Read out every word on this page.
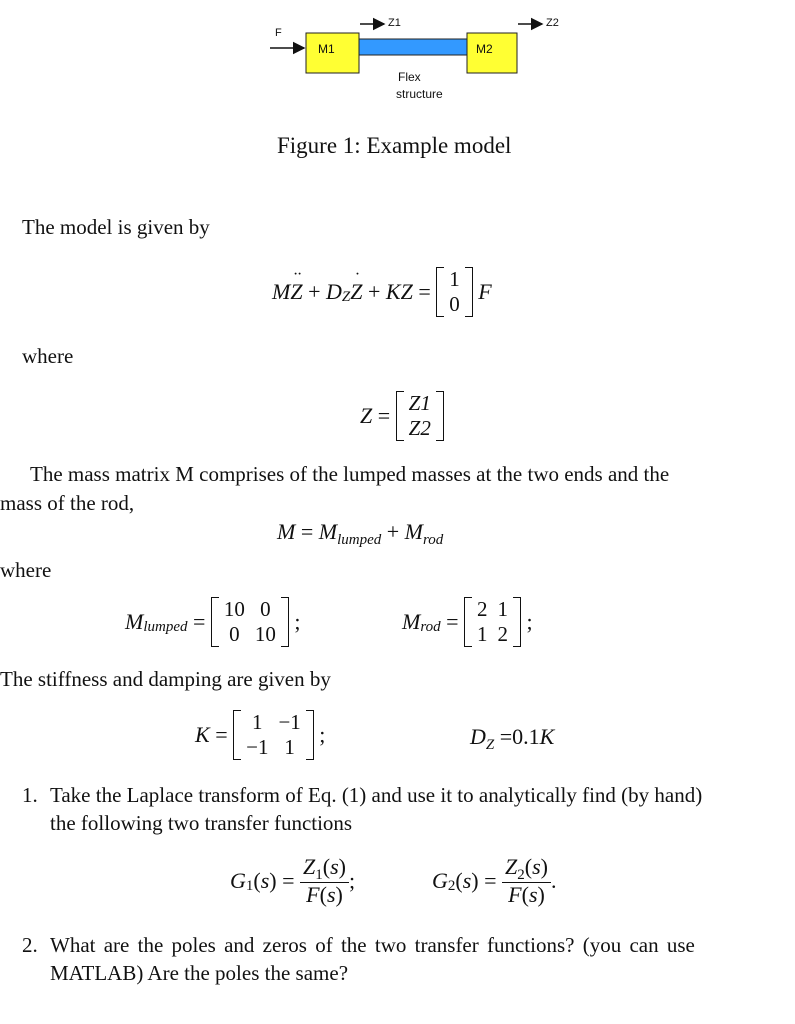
F
M1	M2
Z1	Z2
Flex
structure
Figure 1: Example model
The model is given by
M ·· Z + D Z · Z + KZ = 1
0
F
where
Z = Z1
Z2
The mass matrix M comprises of the lumped masses at the two ends and the
mass of the rod,
$M = M_{lumped} + M_{rod}$
where
M lumped = 10	0
0	10 ;	M rod = 2	1
1	2 ;
The stiffness and damping are given by
K = 1	−1
−1	1 ;	$D_Z =0.1K$
1. Take the Laplace transform of Eq. (1) and use it to analytically find (by hand)
the following two transfer functions
G 1 ( s ) = $\frac{Z_1(s)}{F(s)}$ ;	G 2 ( s ) = $\frac{Z_2(s)}{F(s)}$ .
2. What are the poles and zeros of the two transfer functions? (you can use
MATLAB) Are the poles the same?
